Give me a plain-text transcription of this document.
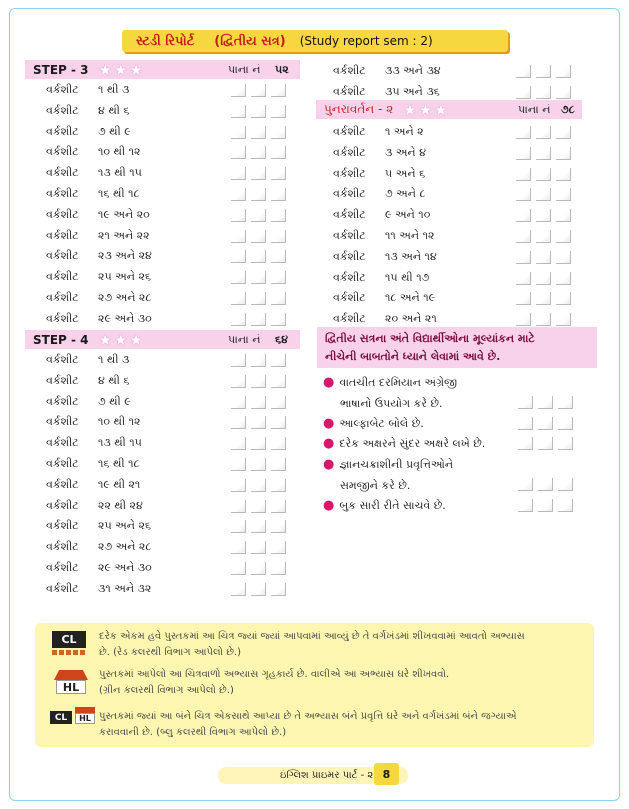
સ્ટડી રિપોર્ટ (દ્વિતીય સત્ર) (Study report sem : 2)
STEP - 3 ★ ★ ★	પાના નં ૫૨
વર્કશીટ ૧ થી ૩
વર્કશીટ ૪ થી ૬
વર્કશીટ ૭ થી ૯
વર્કશીટ ૧૦ થી ૧૨
વર્કશીટ ૧૩ થી ૧૫
વર્કશીટ ૧૬ થી ૧૮
વર્કશીટ ૧૯ અને ૨૦
વર્કશીટ ૨૧ અને ૨૨
વર્કશીટ ૨૩ અને ૨૪
વર્કશીટ ૨૫ અને ૨૬
વર્કશીટ ૨૭ અને ૨૮
વર્કશીટ ૨૯ અને ૩૦
STEP - 4 ★ ★ ★	પાના નં ૬૪
વર્કશીટ ૧ થી ૩
વર્કશીટ ૪ થી ૬
વર્કશીટ ૭ થી ૯
વર્કશીટ ૧૦ થી ૧૨
વર્કશીટ ૧૩ થી ૧૫
વર્કશીટ ૧૬ થી ૧૮
વર્કશીટ ૧૯ થી ૨૧
વર્કશીટ ૨૨ થી ૨૪
વર્કશીટ ૨૫ અને ૨૬
વર્કશીટ ૨૭ અને ૨૮
વર્કશીટ ૨૯ અને ૩૦
વર્કશીટ ૩૧ અને ૩૨
વર્કશીટ ૩૩ અને ૩૪
વર્કશીટ ૩૫ અને ૩૬
પુનરાવર્તન - ૨ ★ ★ ★	પાના નં ૭૮
વર્કશીટ ૧ અને ૨
વર્કશીટ ૩ અને ૪
વર્કશીટ ૫ અને ૬
વર્કશીટ ૭ અને ૮
વર્કશીટ ૯ અને ૧૦
વર્કશીટ ૧૧ અને ૧૨
વર્કશીટ ૧૩ અને ૧૪
વર્કશીટ ૧૫ થી ૧૭
વર્કશીટ ૧૮ અને ૧૯
વર્કશીટ ૨૦ અને ૨૧
દ્વિતીય સત્રના અંતે વિદ્યાર્થીઓના મૂલ્યાંકન માટે
નીચેની બાબતોને ધ્યાને લેવામાં આવે છે.
● વાતચીત દરમિયાન અંગ્રેજી
ભાષાનો ઉપયોગ કરે છે.
● આલ્ફાબેટ બોલે છે.
● દરેક અક્ષરને સુંદર અક્ષરે લખે છે.
● જ્ઞાનચક્રાશીની પ્રવૃત્તિઓને
સમજીને કરે છે.
● બુક સારી રીતે સાચવે છે.
CL	દરેક એકમ હવે પુસ્તકમાં આ ચિત્ર જ્યાં જ્યાં આપવામાં આવ્યું છે તે વર્ગખંડમાં શીખવવામાં આવતો અભ્યાસ
છે. (રેડ કલરથી વિભાગ આપેલો છે.)
HL
પુસ્તકમાં આપેલો આ ચિત્રવાળો અભ્યાસ ગૃહકાર્ય છે. વાલીએ આ અભ્યાસ ઘરે શીખવવો.
(ગ્રીન કલરથી વિભાગ આપેલો છે.)
CL	HL પુસ્તકમાં જ્યાં આ બંને ચિત્ર એકસાથે આપ્યા છે તે અભ્યાસ બંને પ્રવૃત્તિ ઘરે અને વર્ગખંડમાં બંને જગ્યાએ
કરાવવાની છે. (બ્લુ કલરથી વિભાગ આપેલો છે.)
ઇંગ્લિશ પ્રાઇમર પાર્ટ - ૨ 8
